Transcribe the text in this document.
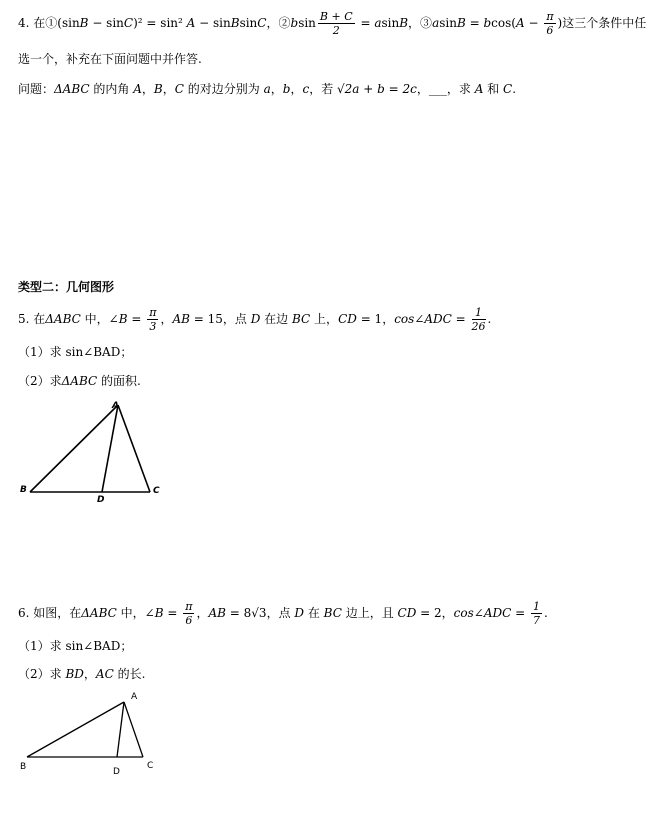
4. 在①(sinB − sinC)² = sin² A − sinBsinC，②bsin $\frac{B + C}{2} = asinB$，③asinB = $bcos(A - \frac{\pi}{6}$ )这三个条件中任
选一个，补充在下面问题中并作答.
问题：ΔABC 的内角 A，B，C 的对边分别为 a，b，c，若 √2a + b = 2c，___，求 A 和 C.
类型二：几何图形
5. 在ΔABC 中，∠B = $\frac{\pi}{3}$ ，AB = 15，点 D 在边 BC 上，CD = 1，cos∠ADC = $\frac{1}{26}$ .
（1）求 sin∠BAD；
（2）求ΔABC 的面积.
A
B	C
D
6. 如图，在ΔABC 中，∠B = $\frac{\pi}{6}$ ，AB = 8√3，点 D 在 BC 边上，且 CD = 2，cos∠ADC = $\frac{1}{7}$ .
（1）求 sin∠BAD；
（2）求 BD，AC 的长.
A
B	C
D
